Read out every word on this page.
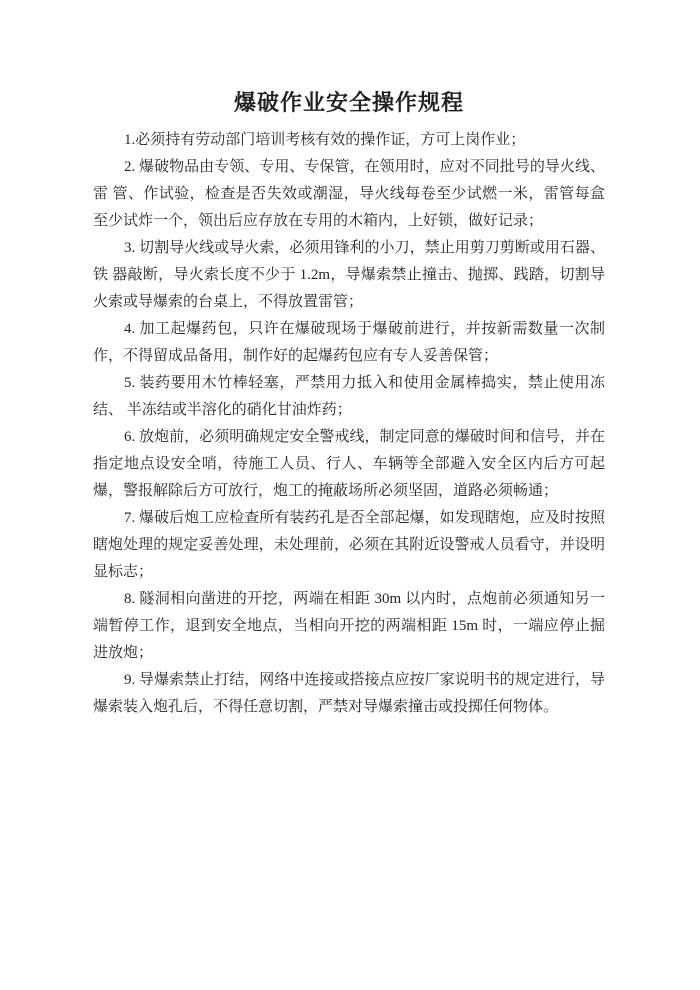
爆破作业安全操作规程

1.必须持有劳动部门培训考核有效的操作证，方可上岗作业；

2. 爆破物品由专领、专用、专保管，在领用时，应对不同批号的导火线、雷 管、作试验，检查是否失效或潮湿，导火线每卷至少试燃一米，雷管每盒至少试炸一个，领出后应存放在专用的木箱内，上好锁，做好记录；

3. 切割导火线或导火索，必须用锋利的小刀，禁止用剪刀剪断或用石器、铁 器敲断，导火索长度不少于 1.2m，导爆索禁止撞击、抛掷、践踏，切割导火索或导爆索的台桌上，不得放置雷管；

4. 加工起爆药包，只许在爆破现场于爆破前进行，并按新需数量一次制作，不得留成品备用，制作好的起爆药包应有专人妥善保管；

5. 装药要用木竹棒轻塞，严禁用力抵入和使用金属棒捣实，禁止使用冻结、 半冻结或半溶化的硝化甘油炸药；

6. 放炮前，必须明确规定安全警戒线，制定同意的爆破时间和信号，并在指定地点设安全哨，待施工人员、行人、车辆等全部避入安全区内后方可起爆，警报解除后方可放行，炮工的掩蔽场所必须坚固，道路必须畅通；

7. 爆破后炮工应检查所有装药孔是否全部起爆，如发现瞎炮，应及时按照瞎炮处理的规定妥善处理，未处理前，必须在其附近设警戒人员看守，并设明显标志；

8. 隧洞相向凿进的开挖，两端在相距 30m 以内时，点炮前必须通知另一端暂停工作，退到安全地点，当相向开挖的两端相距 15m 时，一端应停止掘进放炮；

9. 导爆索禁止打结，网络中连接或搭接点应按厂家说明书的规定进行，导爆索装入炮孔后，不得任意切割，严禁对导爆索撞击或投掷任何物体。
